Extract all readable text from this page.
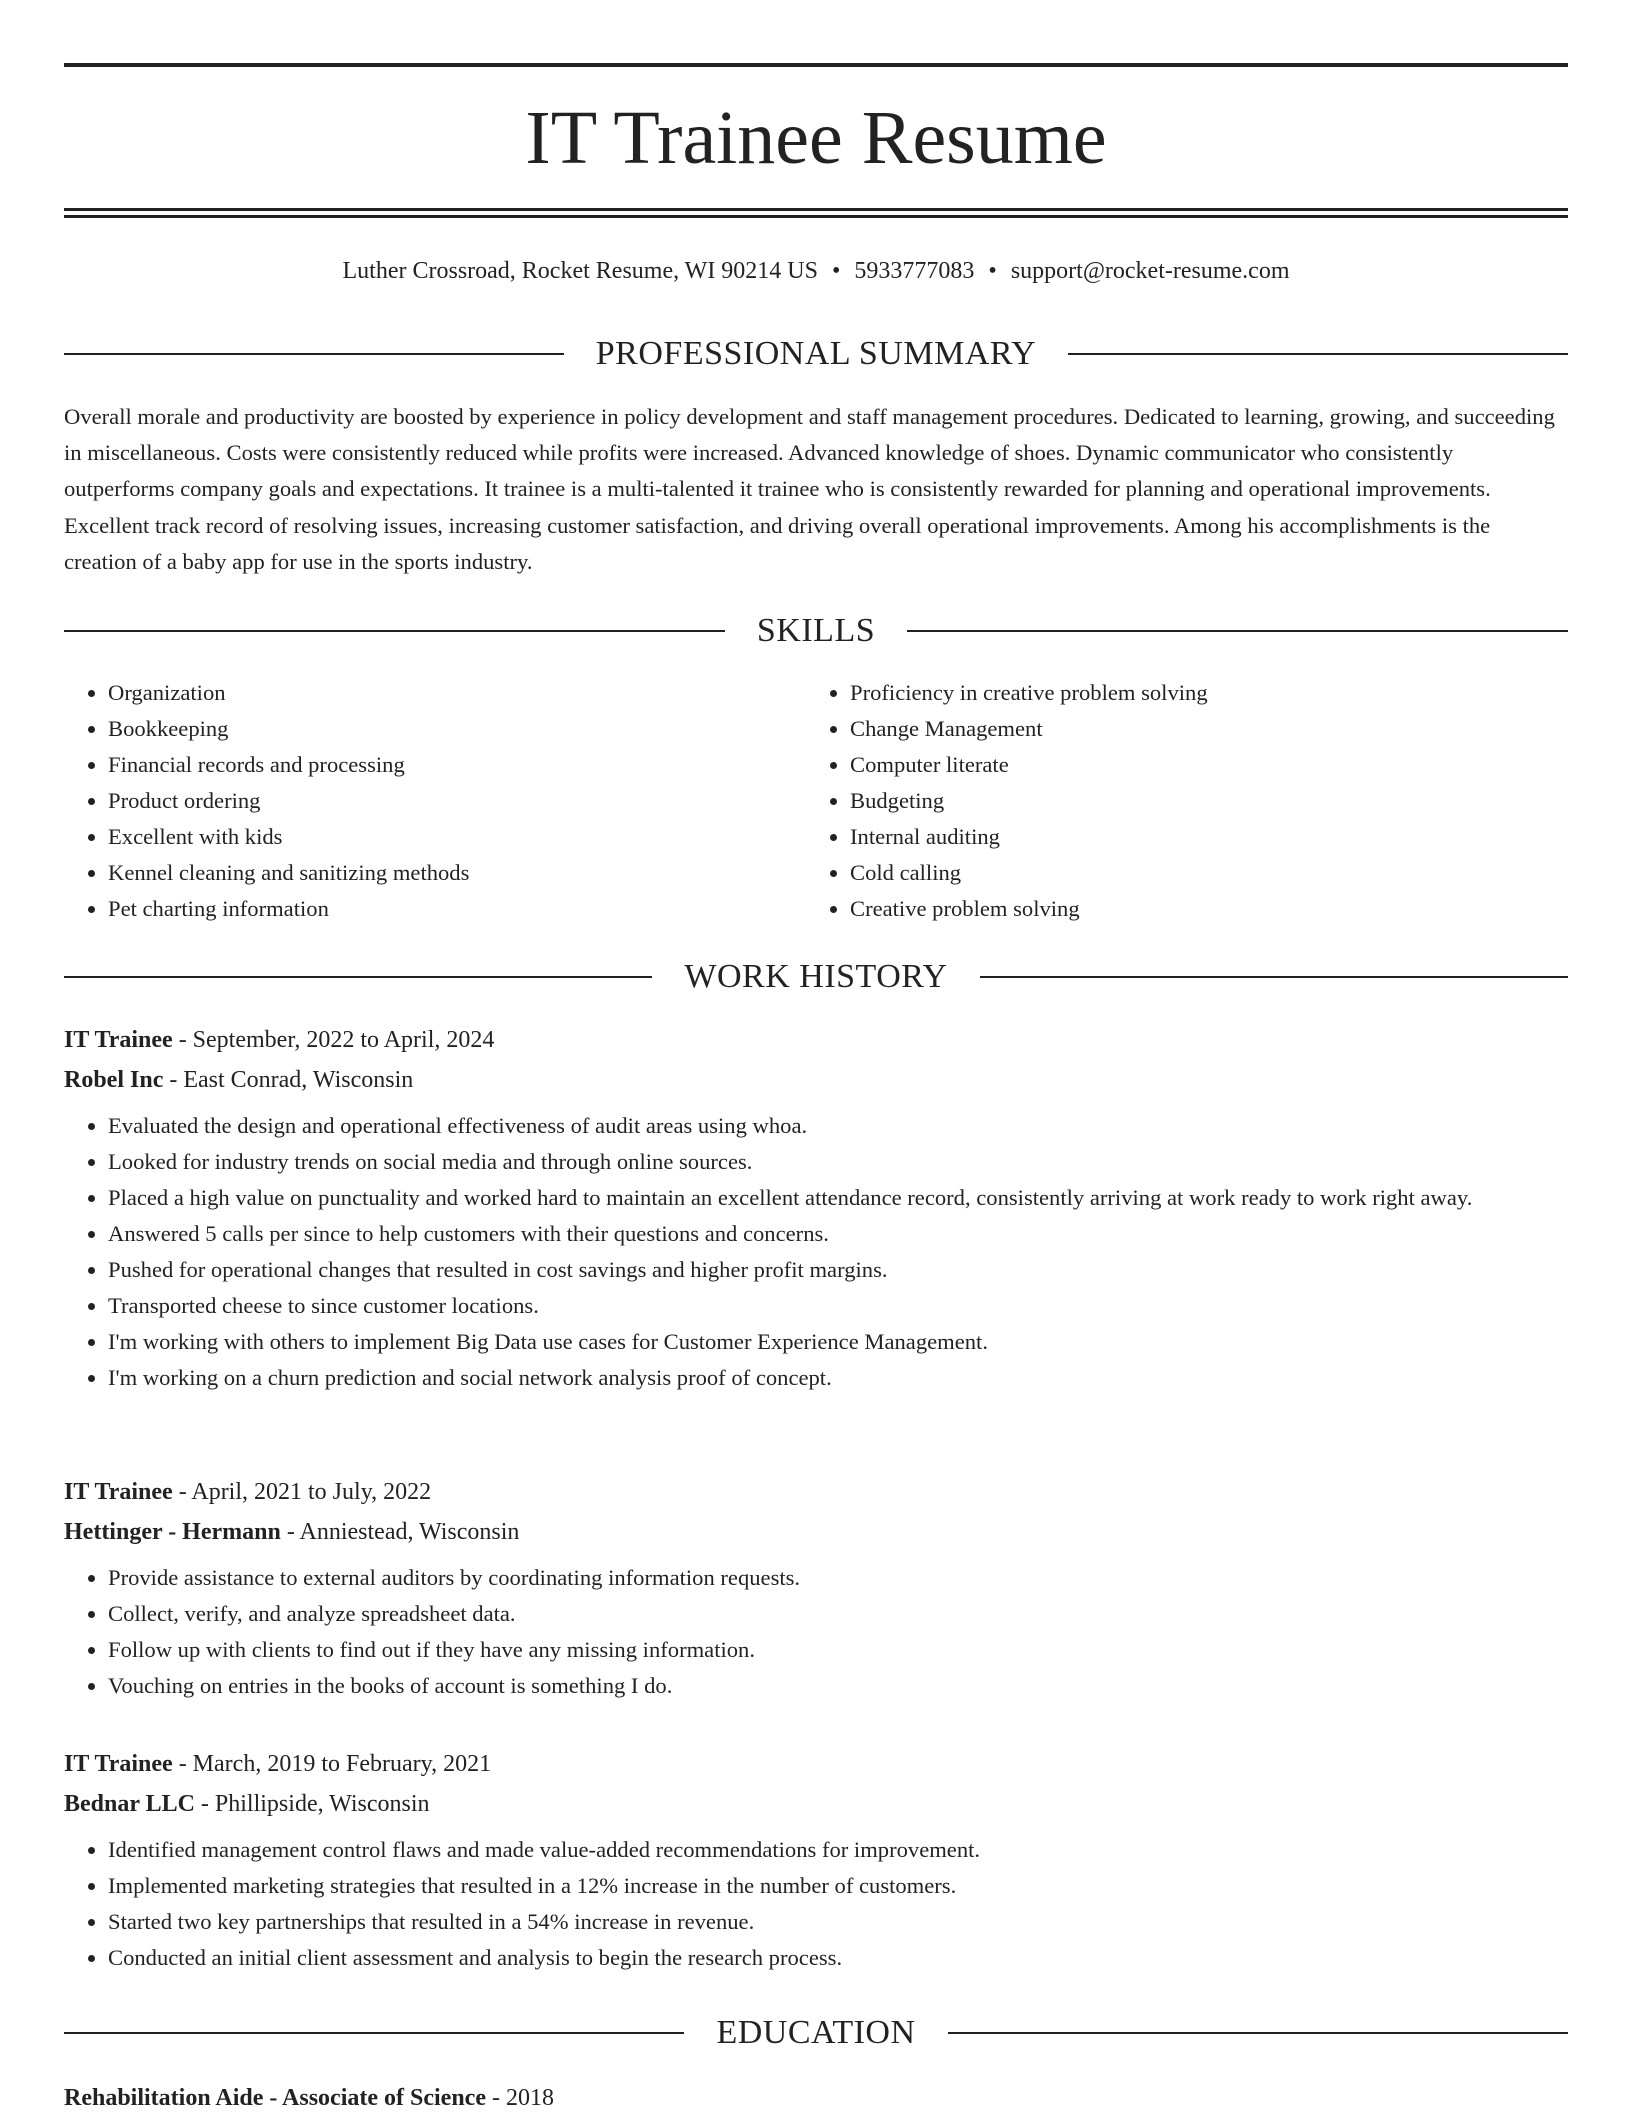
IT Trainee Resume
Luther Crossroad, Rocket Resume, WI 90214 US • 5933777083 • support@rocket-resume.com
PROFESSIONAL SUMMARY

Overall morale and productivity are boosted by experience in policy development and staff management procedures. Dedicated to learning, growing, and succeeding in miscellaneous. Costs were consistently reduced while profits were increased. Advanced knowledge of shoes. Dynamic communicator who consistently outperforms company goals and expectations. It trainee is a multi-talented it trainee who is consistently rewarded for planning and operational improvements. Excellent track record of resolving issues, increasing customer satisfaction, and driving overall operational improvements. Among his accomplishments is the creation of a baby app for use in the sports industry.

SKILLS
• Organization
• Bookkeeping
• Financial records and processing
• Product ordering
• Excellent with kids
• Kennel cleaning and sanitizing methods
• Pet charting information
• Proficiency in creative problem solving
• Change Management
• Computer literate
• Budgeting
• Internal auditing
• Cold calling
• Creative problem solving
WORK HISTORY
IT Trainee - September, 2022 to April, 2024
Robel Inc - East Conrad, Wisconsin
• Evaluated the design and operational effectiveness of audit areas using whoa.
• Looked for industry trends on social media and through online sources.
• Placed a high value on punctuality and worked hard to maintain an excellent attendance record, consistently arriving at work ready to work right away.
• Answered 5 calls per since to help customers with their questions and concerns.
• Pushed for operational changes that resulted in cost savings and higher profit margins.
• Transported cheese to since customer locations.
• I'm working with others to implement Big Data use cases for Customer Experience Management.
• I'm working on a churn prediction and social network analysis proof of concept.
IT Trainee - April, 2021 to July, 2022
Hettinger - Hermann - Anniestead, Wisconsin
• Provide assistance to external auditors by coordinating information requests.
• Collect, verify, and analyze spreadsheet data.
• Follow up with clients to find out if they have any missing information.
• Vouching on entries in the books of account is something I do.
IT Trainee - March, 2019 to February, 2021
Bednar LLC - Phillipside, Wisconsin
• Identified management control flaws and made value-added recommendations for improvement.
• Implemented marketing strategies that resulted in a 12% increase in the number of customers.
• Started two key partnerships that resulted in a 54% increase in revenue.
• Conducted an initial client assessment and analysis to begin the research process.
EDUCATION
Rehabilitation Aide - Associate of Science - 2018
